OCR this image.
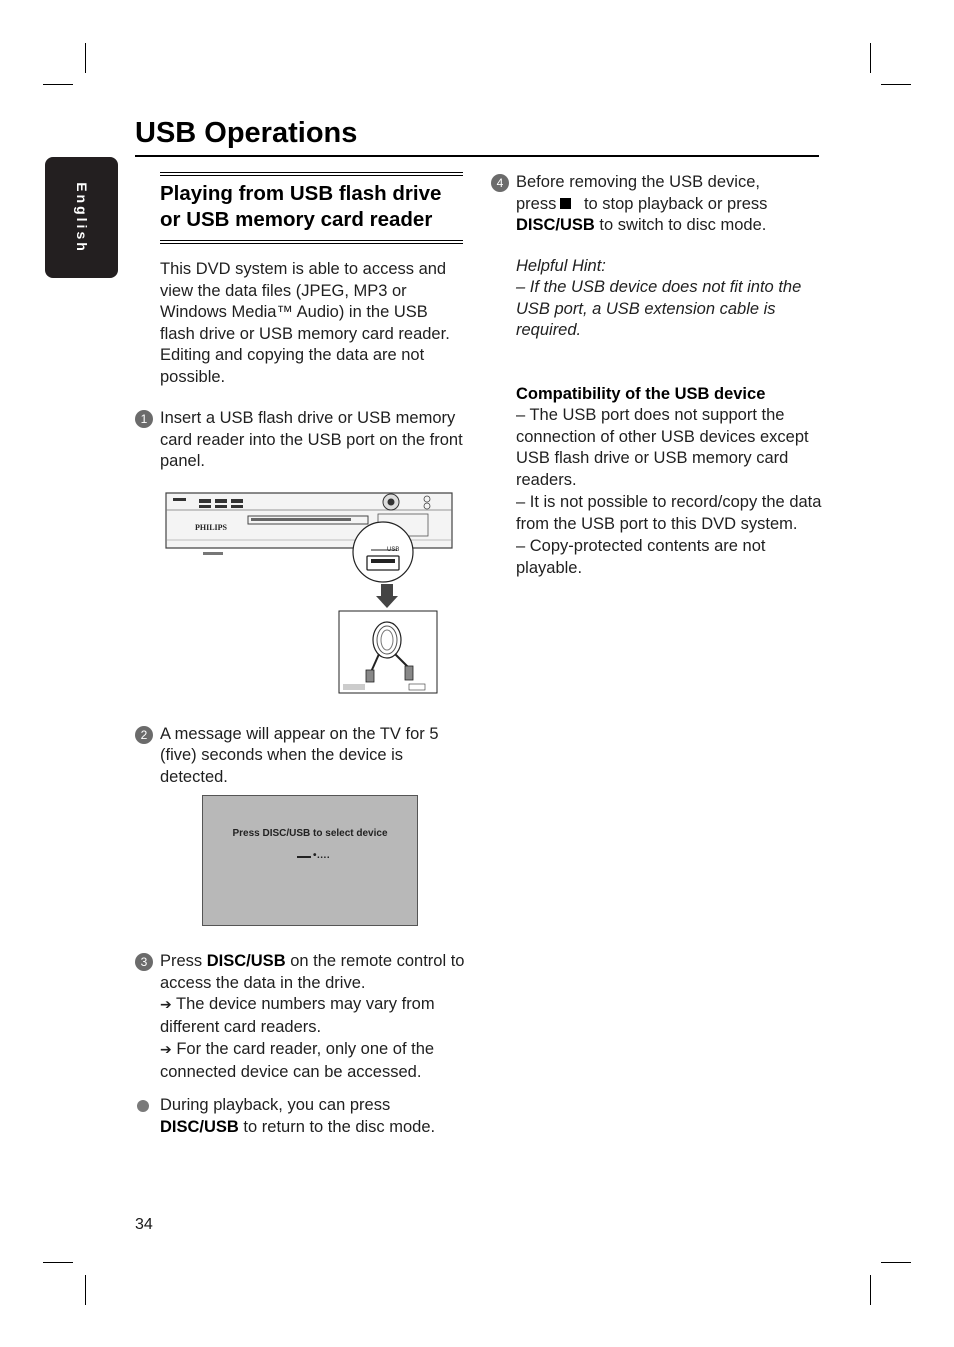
English
USB Operations
Playing from USB flash drive or USB memory card reader

This DVD system is able to access and view the data files (JPEG, MP3 or Windows Media™ Audio) in the USB flash drive or USB memory card reader. Editing and copying the data are not possible.

1 Insert a USB flash drive or USB memory card reader into the USB port on the front panel.

2 A message will appear on the TV for 5 (five) seconds when the device is detected.

3 Press DISC/USB on the remote control to access the data in the drive.

➔ The device numbers may vary from different card readers.

➔ For the card reader, only one of the connected device can be accessed.

During playback, you can press DISC/USB to return to the disc mode.

PHILIPS
USB
Press DISC/USB to select device
•....
4 Before removing the USB device,

press to stop playback or press

DISC/USB to switch to disc mode.

Helpful Hint:

– If the USB device does not fit into the USB port, a USB extension cable is required.

Compatibility of the USB device

– The USB port does not support the connection of other USB devices except USB flash drive or USB memory card readers.

– It is not possible to record/copy the data from the USB port to this DVD system.

– Copy-protected contents are not playable.

34
